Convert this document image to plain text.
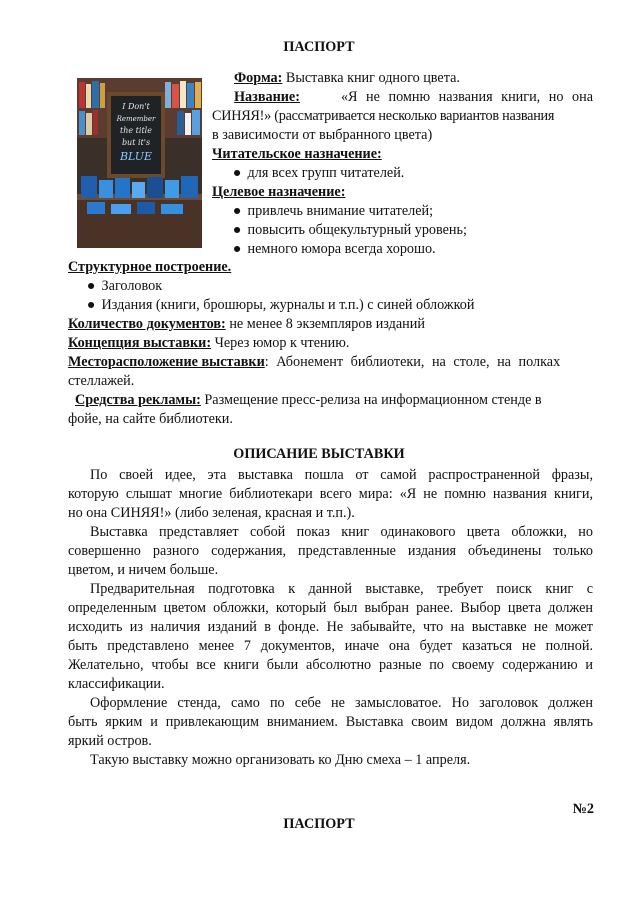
ПАСПОРТ
I Don't
Remember
the title
but it's
BLUE
Форма: Выставка книг одного цвета.
Название:	«Я не помню названия книги, но она
СИНЯЯ!» (рассматривается несколько вариантов названия
в зависимости от выбранного цвета)
Читательское назначение:
● для всех групп читателей.
Целевое назначение:
● привлечь внимание читателей;
● повысить общекультурный уровень;
● немного юмора всегда хорошо.
Структурное построение.
● Заголовок
● Издания (книги, брошюры, журналы и т.п.) с синей обложкой
Количество документов: не менее 8 экземпляров изданий
Концепция выставки: Через юмор к чтению.
Месторасположение выставки: Абонемент библиотеки, на столе, на полках
стеллажей.
Средства рекламы: Размещение пресс-релиза на информационном стенде в
фойе, на сайте библиотеки.
ОПИСАНИЕ ВЫСТАВКИ
По своей идее, эта выставка пошла от самой распространенной фразы,
которую слышат многие библиотекари всего мира: «Я не помню названия книги,
но она СИНЯЯ!» (либо зеленая, красная и т.п.).
Выставка представляет собой показ книг одинакового цвета обложки, но
совершенно разного содержания, представленные издания объединены только
цветом, и ничем больше.
Предварительная подготовка к данной выставке, требует поиск книг с
определенным цветом обложки, который был выбран ранее. Выбор цвета должен
исходить из наличия изданий в фонде. Не забывайте, что на выставке не может
быть представлено менее 7 документов, иначе она будет казаться не полной.
Желательно, чтобы все книги были абсолютно разные по своему содержанию и
классификации.
Оформление стенда, само по себе не замысловатое. Но заголовок должен
быть ярким и привлекающим вниманием. Выставка своим видом должна являть
яркий остров.
Такую выставку можно организовать ко Дню смеха – 1 апреля.
№2
ПАСПОРТ
